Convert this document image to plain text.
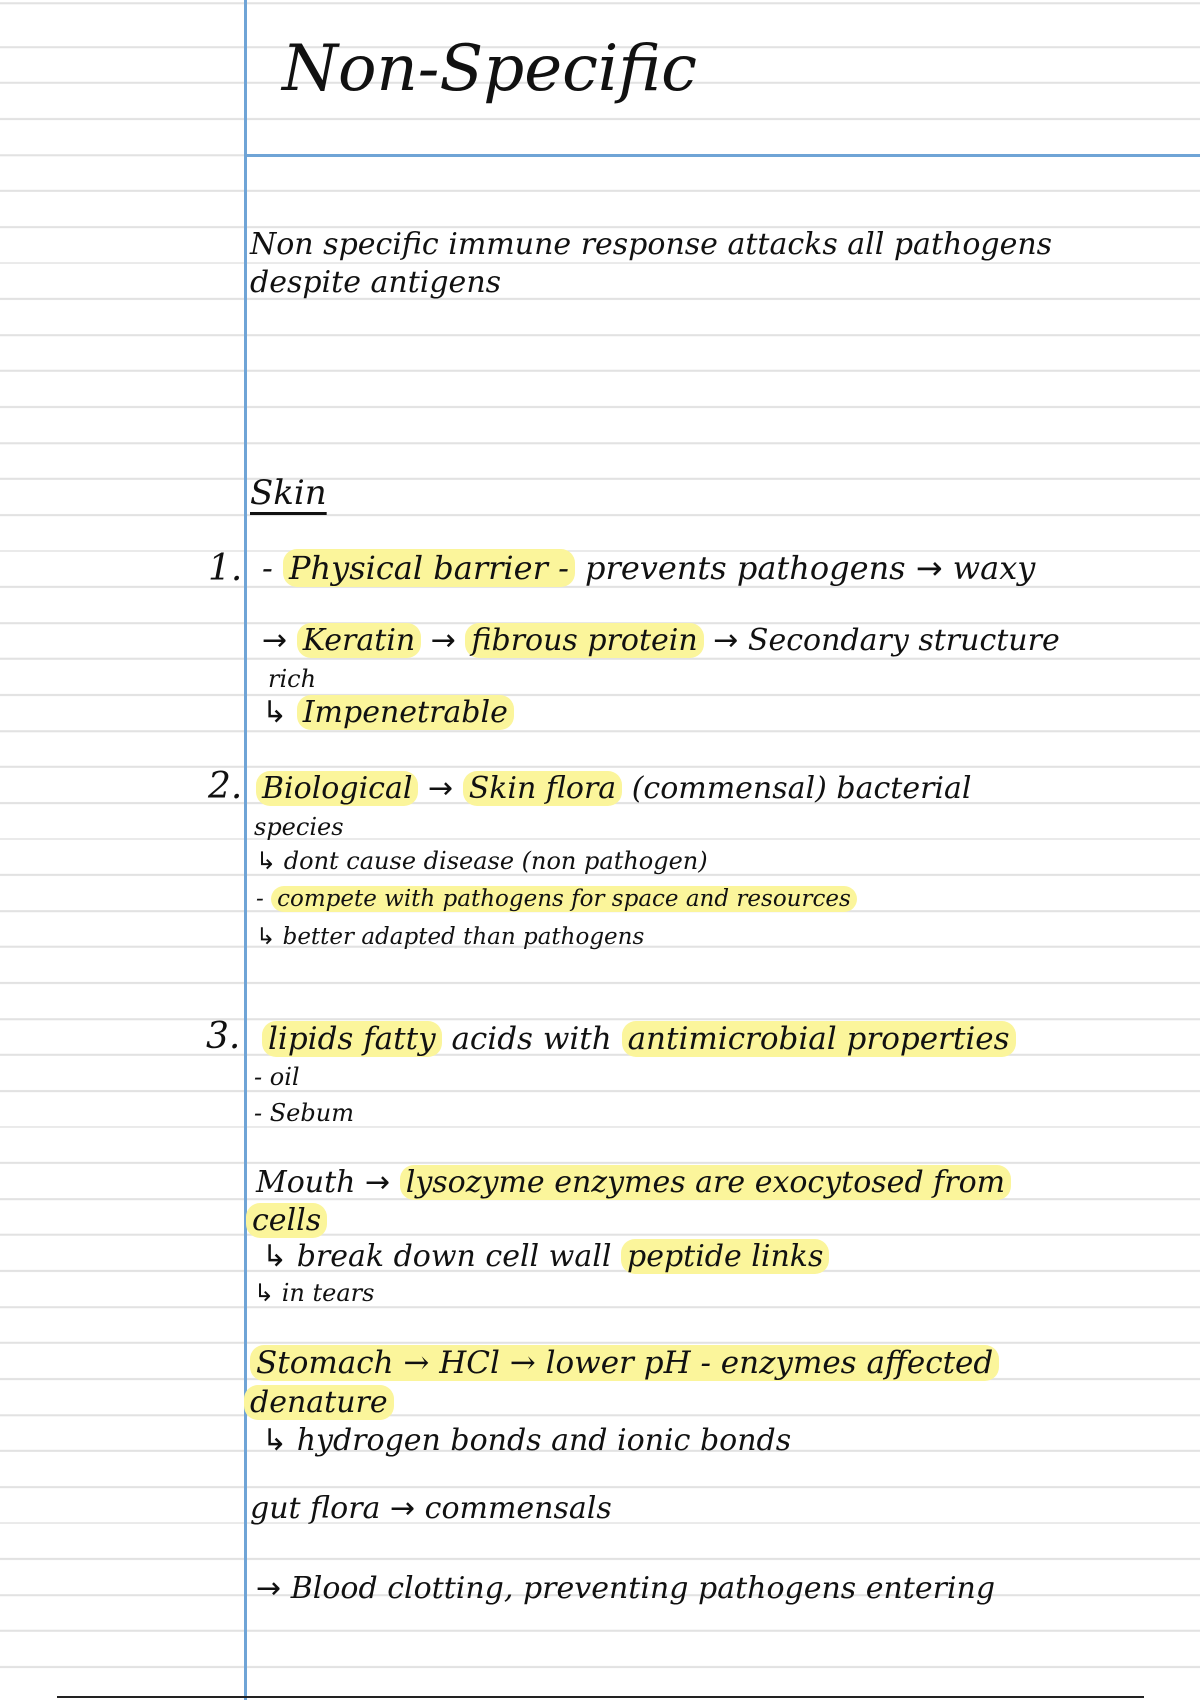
Non-Specific
Non specific immune response attacks all pathogens
despite antigens
Skin
1. - Physical barrier - prevents pathogens → waxy
→ Keratin → fibrous protein → Secondary structure
rich
↳ Impenetrable
2. Biological → Skin flora (commensal) bacterial
species
↳ dont cause disease (non pathogen)
- compete with pathogens for space and resources
↳ better adapted than pathogens
3. lipids fatty acids with antimicrobial properties
- oil
- Sebum
Mouth → lysozyme enzymes are exocytosed from
cells
↳ break down cell wall peptide links
↳ in tears
Stomach → HCl → lower pH - enzymes affected
denature
↳ hydrogen bonds and ionic bonds
gut flora → commensals
→ Blood clotting, preventing pathogens entering
